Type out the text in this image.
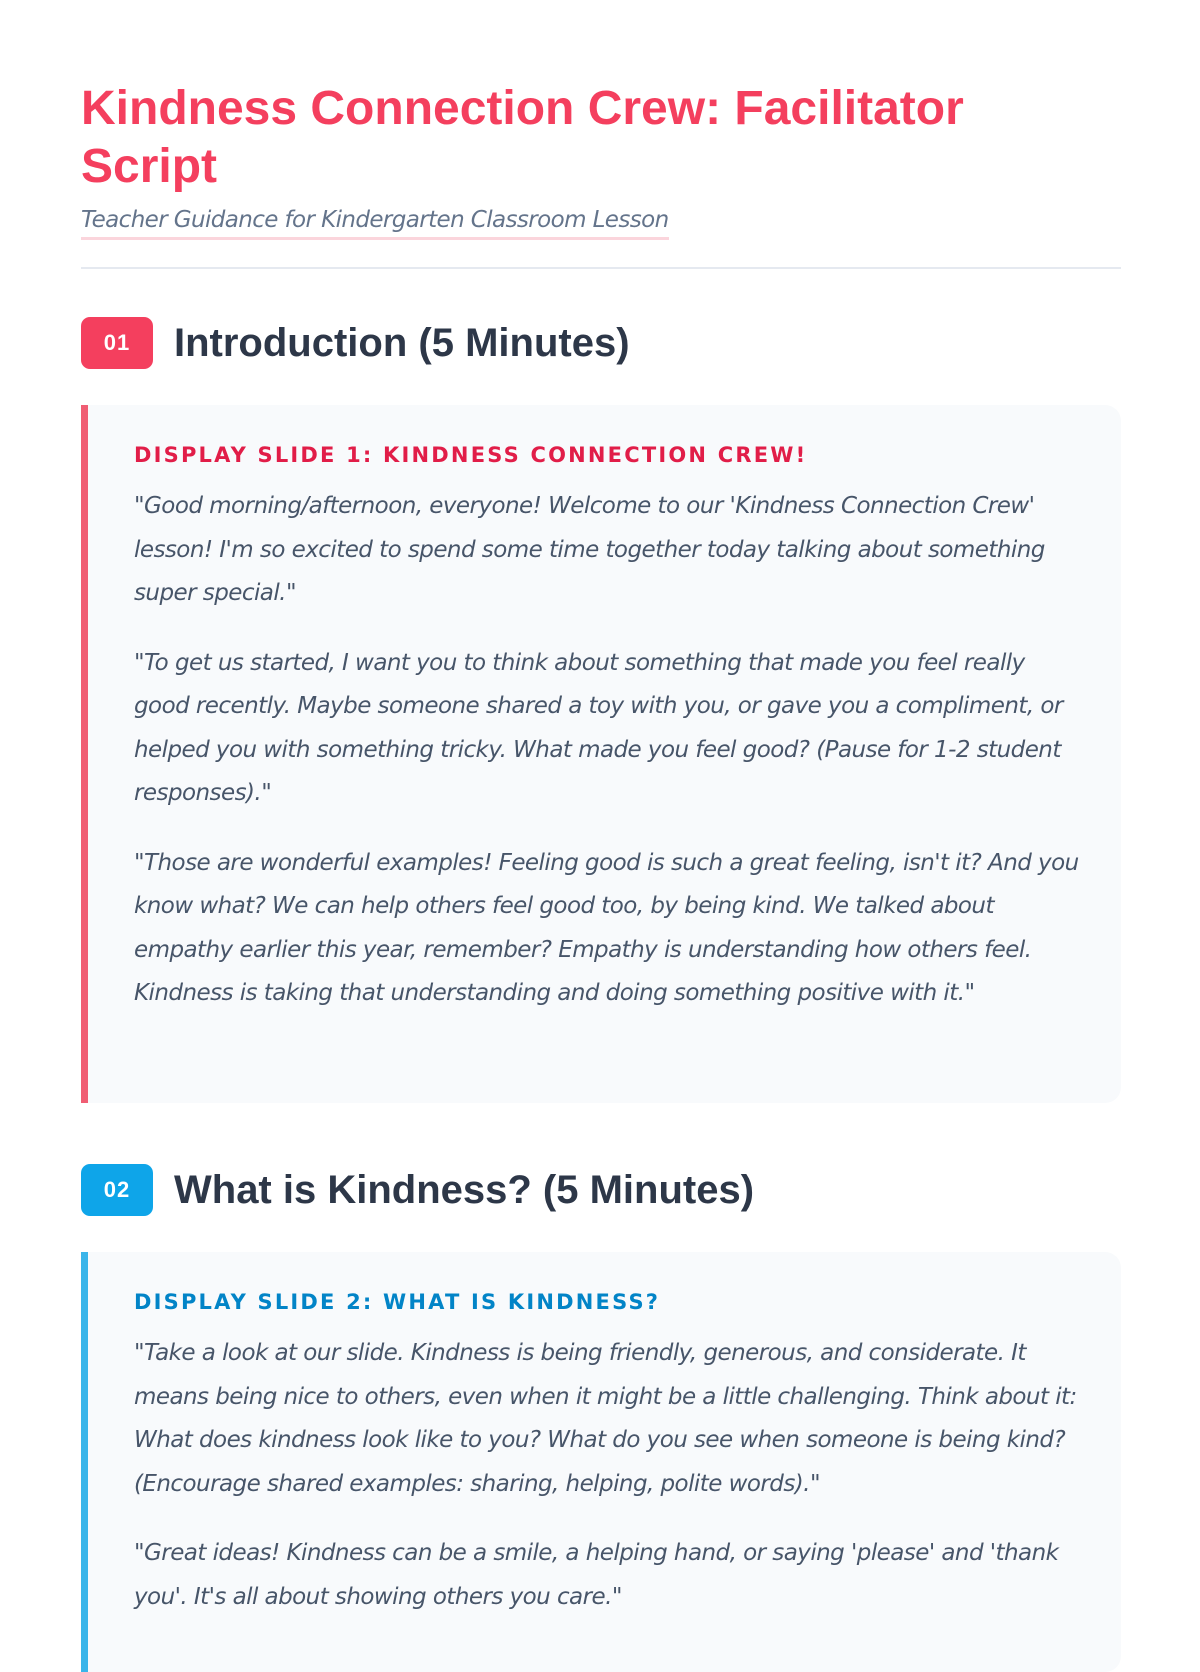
Kindness Connection Crew: Facilitator Script
Teacher Guidance for Kindergarten Classroom Lesson
01	Introduction (5 Minutes)

DISPLAY SLIDE 1: KINDNESS CONNECTION CREW!

"Good morning/afternoon, everyone! Welcome to our 'Kindness Connection Crew' lesson! I'm so excited to spend some time together today talking about something super special."

"To get us started, I want you to think about something that made you feel really good recently. Maybe someone shared a toy with you, or gave you a compliment, or helped you with something tricky. What made you feel good? (Pause for 1-2 student responses)."

"Those are wonderful examples! Feeling good is such a great feeling, isn't it? And you know what? We can help others feel good too, by being kind. We talked about empathy earlier this year, remember? Empathy is understanding how others feel. Kindness is taking that understanding and doing something positive with it."

02	What is Kindness? (5 Minutes)

DISPLAY SLIDE 2: WHAT IS KINDNESS?

"Take a look at our slide. Kindness is being friendly, generous, and considerate. It means being nice to others, even when it might be a little challenging. Think about it: What does kindness look like to you? What do you see when someone is being kind? (Encourage shared examples: sharing, helping, polite words)."

"Great ideas! Kindness can be a smile, a helping hand, or saying 'please' and 'thank you'. It's all about showing others you care."
